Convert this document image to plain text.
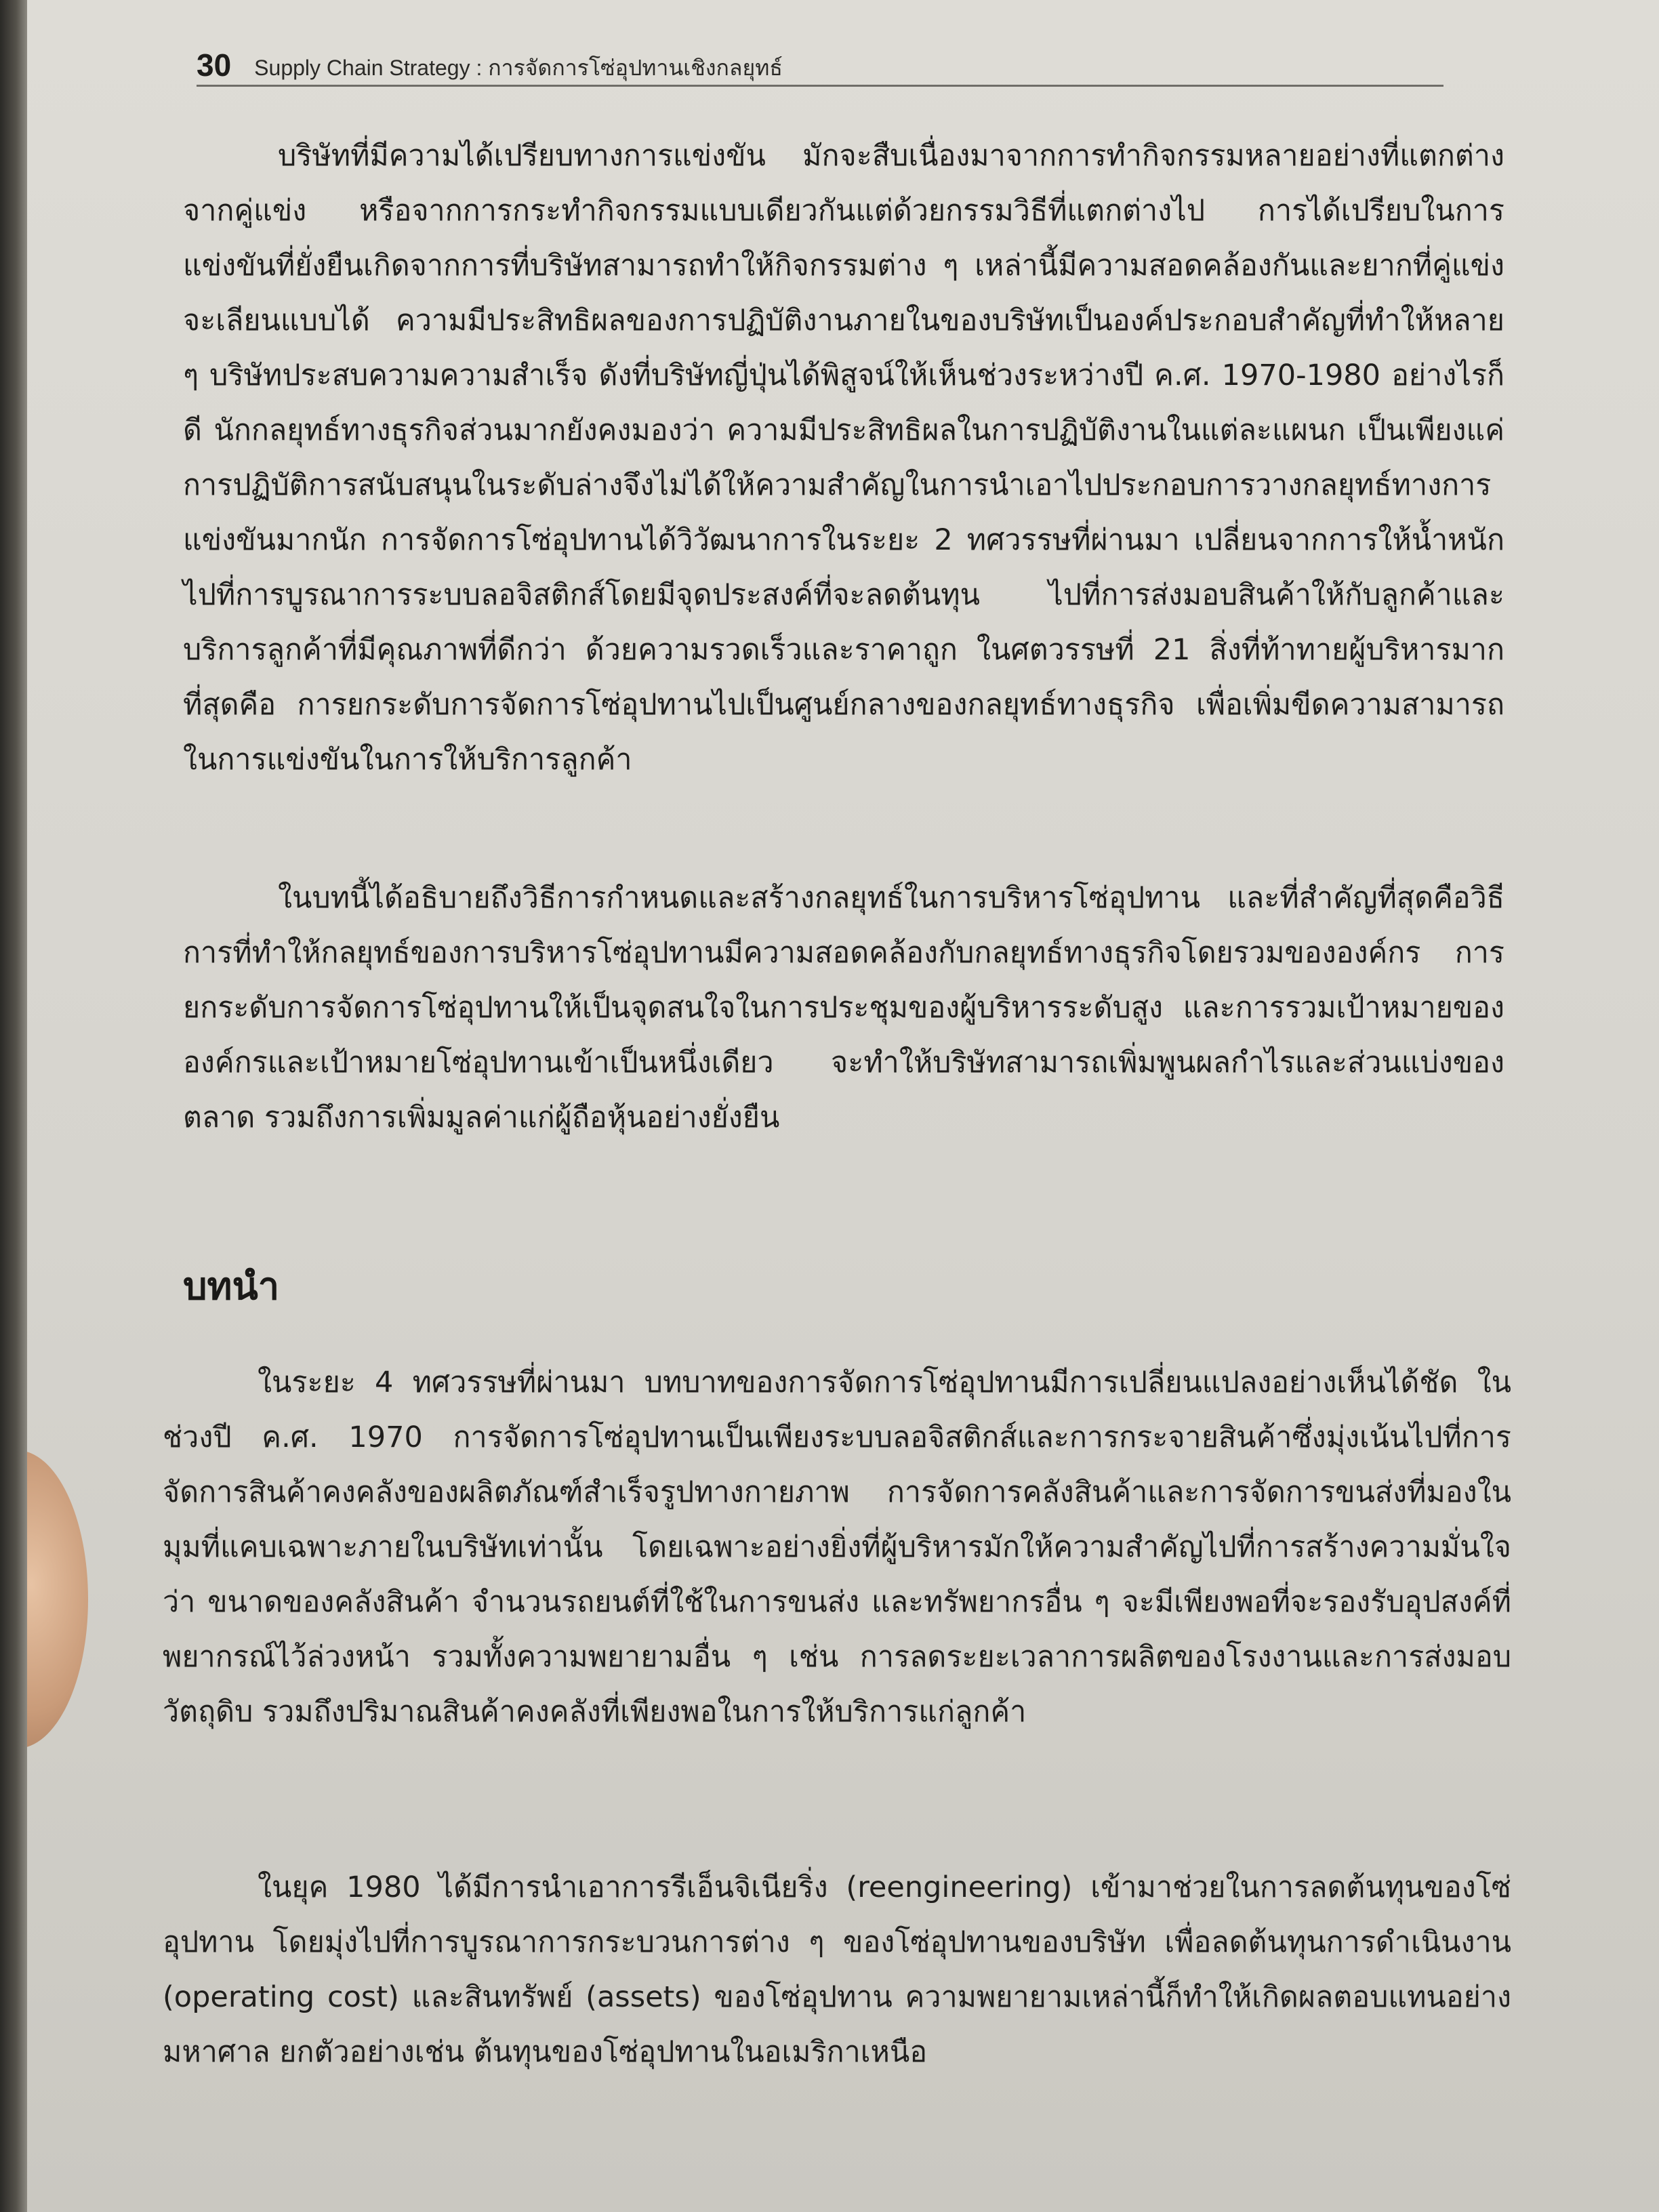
30 Supply Chain Strategy : การจัดการโซ่อุปทานเชิงกลยุทธ์

บริษัทที่มีความได้เปรียบทางการแข่งขัน มักจะสืบเนื่องมาจากการทำกิจกรรมหลายอย่างที่แตกต่างจากคู่แข่ง หรือจากการกระทำกิจกรรมแบบเดียวกันแต่ด้วยกรรมวิธีที่แตกต่างไป การได้เปรียบในการแข่งขันที่ยั่งยืนเกิดจากการที่บริษัทสามารถทำให้กิจกรรมต่าง ๆ เหล่านี้มีความสอดคล้องกันและยากที่คู่แข่งจะเลียนแบบได้ ความมีประสิทธิผลของการปฏิบัติงานภายในของบริษัทเป็นองค์ประกอบสำคัญที่ทำให้หลาย ๆ บริษัทประสบความความสำเร็จ ดังที่บริษัทญี่ปุ่นได้พิสูจน์ให้เห็นช่วงระหว่างปี ค.ศ. 1970-1980 อย่างไรก็ดี นักกลยุทธ์ทางธุรกิจส่วนมากยังคงมองว่า ความมีประสิทธิผลในการปฏิบัติงานในแต่ละแผนก เป็นเพียงแค่การปฏิบัติการสนับสนุนในระดับล่างจึงไม่ได้ให้ความสำคัญในการนำเอาไปประกอบการวางกลยุทธ์ทางการแข่งขันมากนัก การจัดการโซ่อุปทานได้วิวัฒนาการในระยะ 2 ทศวรรษที่ผ่านมา เปลี่ยนจากการให้น้ำหนักไปที่การบูรณาการระบบลอจิสติกส์โดยมีจุดประสงค์ที่จะลดต้นทุน ไปที่การส่งมอบสินค้าให้กับลูกค้าและบริการลูกค้าที่มีคุณภาพที่ดีกว่า ด้วยความรวดเร็วและราคาถูก ในศตวรรษที่ 21 สิ่งที่ท้าทายผู้บริหารมากที่สุดคือ การยกระดับการจัดการโซ่อุปทานไปเป็นศูนย์กลางของกลยุทธ์ทางธุรกิจ เพื่อเพิ่มขีดความสามารถในการแข่งขันในการให้บริการลูกค้า

ในบทนี้ได้อธิบายถึงวิธีการกำหนดและสร้างกลยุทธ์ในการบริหารโซ่อุปทาน และที่สำคัญที่สุดคือวิธีการที่ทำให้กลยุทธ์ของการบริหารโซ่อุปทานมีความสอดคล้องกับกลยุทธ์ทางธุรกิจโดยรวมขององค์กร การยกระดับการจัดการโซ่อุปทานให้เป็นจุดสนใจในการประชุมของผู้บริหารระดับสูง และการรวมเป้าหมายขององค์กรและเป้าหมายโซ่อุปทานเข้าเป็นหนึ่งเดียว จะทำให้บริษัทสามารถเพิ่มพูนผลกำไรและส่วนแบ่งของตลาด รวมถึงการเพิ่มมูลค่าแก่ผู้ถือหุ้นอย่างยั่งยืน

บทนำ

ในระยะ 4 ทศวรรษที่ผ่านมา บทบาทของการจัดการโซ่อุปทานมีการเปลี่ยนแปลงอย่างเห็นได้ชัด ในช่วงปี ค.ศ. 1970 การจัดการโซ่อุปทานเป็นเพียงระบบลอจิสติกส์และการกระจายสินค้าซึ่งมุ่งเน้นไปที่การจัดการสินค้าคงคลังของผลิตภัณฑ์สำเร็จรูปทางกายภาพ การจัดการคลังสินค้าและการจัดการขนส่งที่มองในมุมที่แคบเฉพาะภายในบริษัทเท่านั้น โดยเฉพาะอย่างยิ่งที่ผู้บริหารมักให้ความสำคัญไปที่การสร้างความมั่นใจว่า ขนาดของคลังสินค้า จำนวนรถยนต์ที่ใช้ในการขนส่ง และทรัพยากรอื่น ๆ จะมีเพียงพอที่จะรองรับอุปสงค์ที่พยากรณ์ไว้ล่วงหน้า รวมทั้งความพยายามอื่น ๆ เช่น การลดระยะเวลาการผลิตของโรงงานและการส่งมอบวัตถุดิบ รวมถึงปริมาณสินค้าคงคลังที่เพียงพอในการให้บริการแก่ลูกค้า

ในยุค 1980 ได้มีการนำเอาการรีเอ็นจิเนียริ่ง (reengineering) เข้ามาช่วยในการลดต้นทุนของโซ่อุปทาน โดยมุ่งไปที่การบูรณาการกระบวนการต่าง ๆ ของโซ่อุปทานของบริษัท เพื่อลดต้นทุนการดำเนินงาน (operating cost) และสินทรัพย์ (assets) ของโซ่อุปทาน ความพยายามเหล่านี้ก็ทำให้เกิดผลตอบแทนอย่างมหาศาล ยกตัวอย่างเช่น ต้นทุนของโซ่อุปทานในอเมริกาเหนือ
